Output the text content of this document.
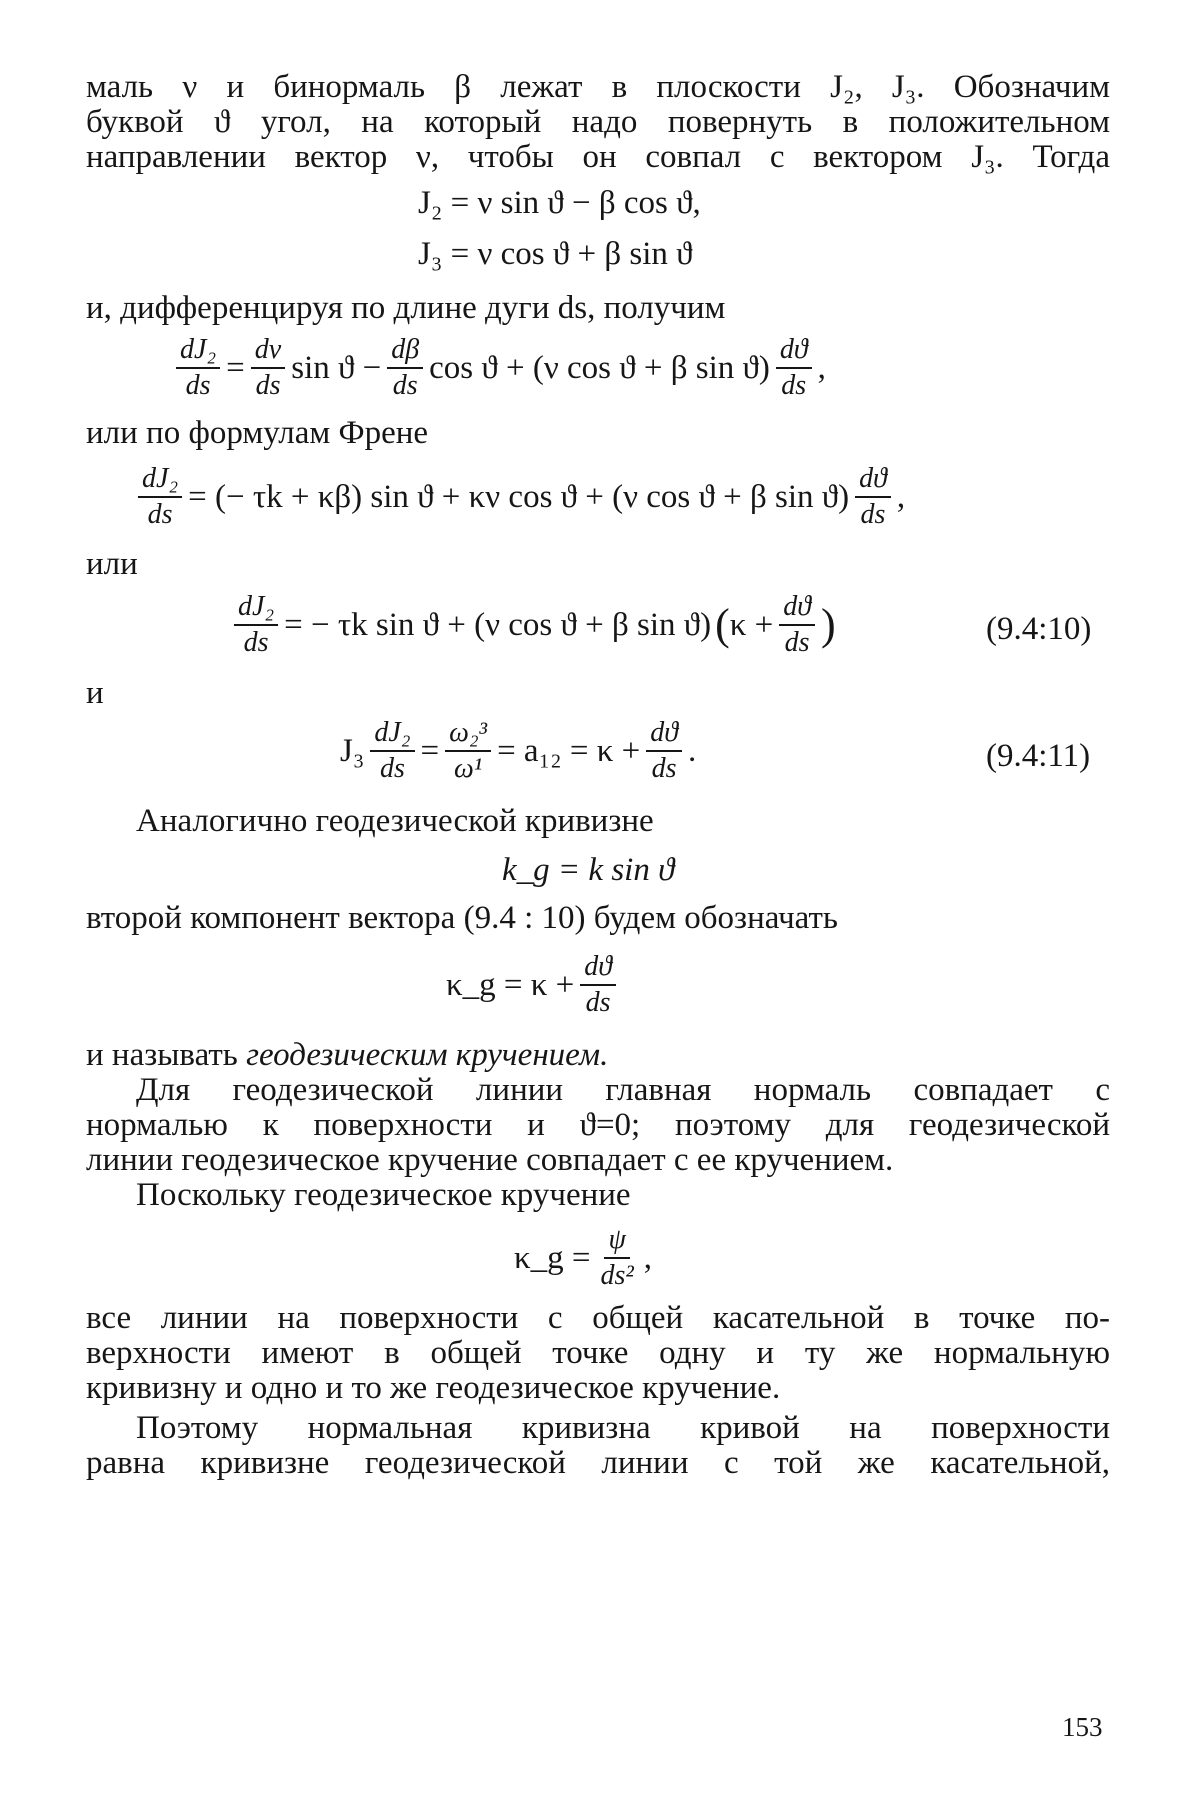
маль ν и бинормаль β лежат в плоскости J₂, J₃. Обозначим
буквой ϑ угол, на который надо повернуть в положительном
направлении вектор ν, чтобы он совпал с вектором J₃. Тогда
J₂ = ν sin ϑ − β cos ϑ,
J₃ = ν cos ϑ + β sin ϑ
и, дифференцируя по длине дуги ds, получим
$\frac{\text{dJ₂}}{ds} = \frac{d\nu}{ds}$ $\sin ϑ - \frac{d\beta}{ds}$ cos ϑ + (ν cos ϑ + β $\sin ϑ) \frac{dϑ}{ds}$ ,
или по формулам Френе
$\frac{\text{dJ₂}}{ds}$ = (− τk + κβ) sin ϑ + κν cos ϑ + (ν cos ϑ + β $\sin ϑ) \frac{dϑ}{ds}$ ,
или
$\frac{\text{dJ₂}}{ds}$ = − τk sin ϑ + (ν cos ϑ + β sin ϑ) ( $\kappa + \frac{dϑ}{ds}$ )	(9.4:10)
и
$J_3 \frac{\text{dJ₂}}{ds} = \frac{\text{ω₂³}}{\text{ω¹}} = a_{12} = \kappa + \frac{dϑ}{ds}$ .	(9.4:11)
Аналогично геодезической кривизне
k_g = k sin ϑ
второй компонент вектора (9.4 : 10) будем обозначать
κ_g = $\kappa + \frac{dϑ}{ds}$
и называть геодезическим кручением.
Для геодезической линии главная нормаль совпадает с
нормалью к поверхности и ϑ=0; поэтому для геодезической
линии геодезическое кручение совпадает с ее кручением.
Поскольку геодезическое кручение
κ_g = $\frac{\psi}{\text{ds²}}$ ,
все линии на поверхности с общей касательной в точке по-
верхности имеют в общей точке одну и ту же нормальную
кривизну и одно и то же геодезическое кручение.
Поэтому нормальная кривизна кривой на поверхности
равна кривизне геодезической линии с той же касательной,
153
